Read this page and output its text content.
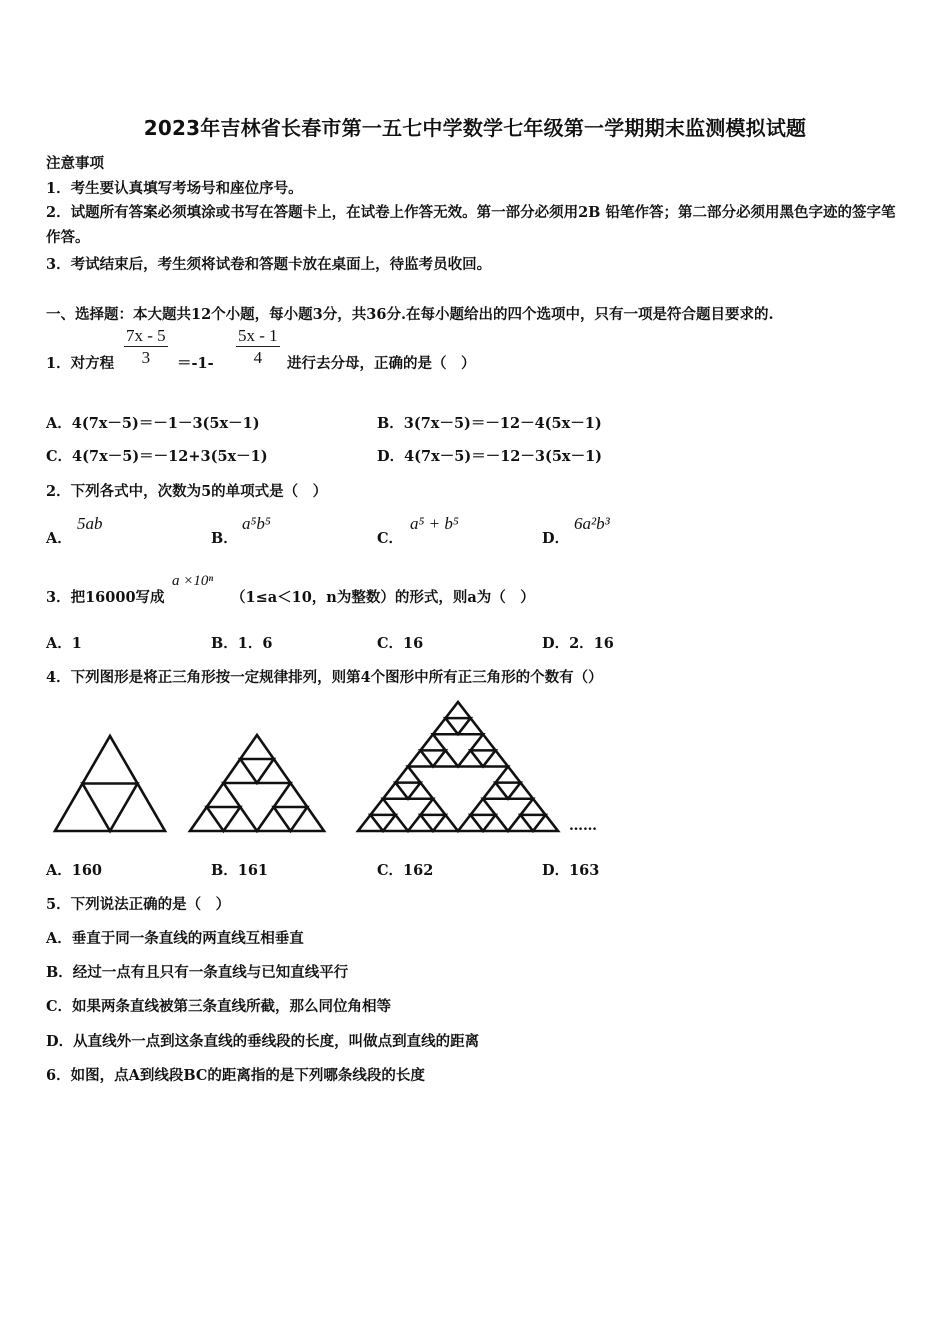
2023年吉林省长春市第一五七中学数学七年级第一学期期末监测模拟试题
注意事项
1．考生要认真填写考场号和座位序号。
2．试题所有答案必须填涂或书写在答题卡上，在试卷上作答无效。第一部分必须用2B 铅笔作答；第二部分必须用黑色字迹的签字笔作答。
3．考试结束后，考生须将试卷和答题卡放在桌面上，待监考员收回。
一、选择题：本大题共12个小题，每小题3分，共36分.在每小题给出的四个选项中，只有一项是符合题目要求的.
1．对方程 $\frac{7x - 5}{3} =-1- \frac{5x - 1}{4}$ 进行去分母，正确的是（　）
A．4(7x－5)＝－1－3(5x－1)	B．3(7x－5)＝－12－4(5x－1)
C．4(7x－5)＝－12+3(5x－1)	D．4(7x－5)＝－12－3(5x－1)
2．下列各式中，次数为5的单项式是（　）
A．
5ab
B．
a⁵b⁵
C．
a⁵ + b⁵
D．
6a²b³
3．把16000写成
a ×10ⁿ
（1≤a＜10，n为整数）的形式，则a为（　）
A．1	B．1．6	C．16	D．2．16
4．下列图形是将正三角形按一定规律排列，则第4个图形中所有正三角形的个数有（）
……
A．160	B．161	C．162	D．163
5．下列说法正确的是（　）
A．垂直于同一条直线的两直线互相垂直
B．经过一点有且只有一条直线与已知直线平行
C．如果两条直线被第三条直线所截，那么同位角相等
D．从直线外一点到这条直线的垂线段的长度，叫做点到直线的距离
6．如图，点A到线段BC的距离指的是下列哪条线段的长度
